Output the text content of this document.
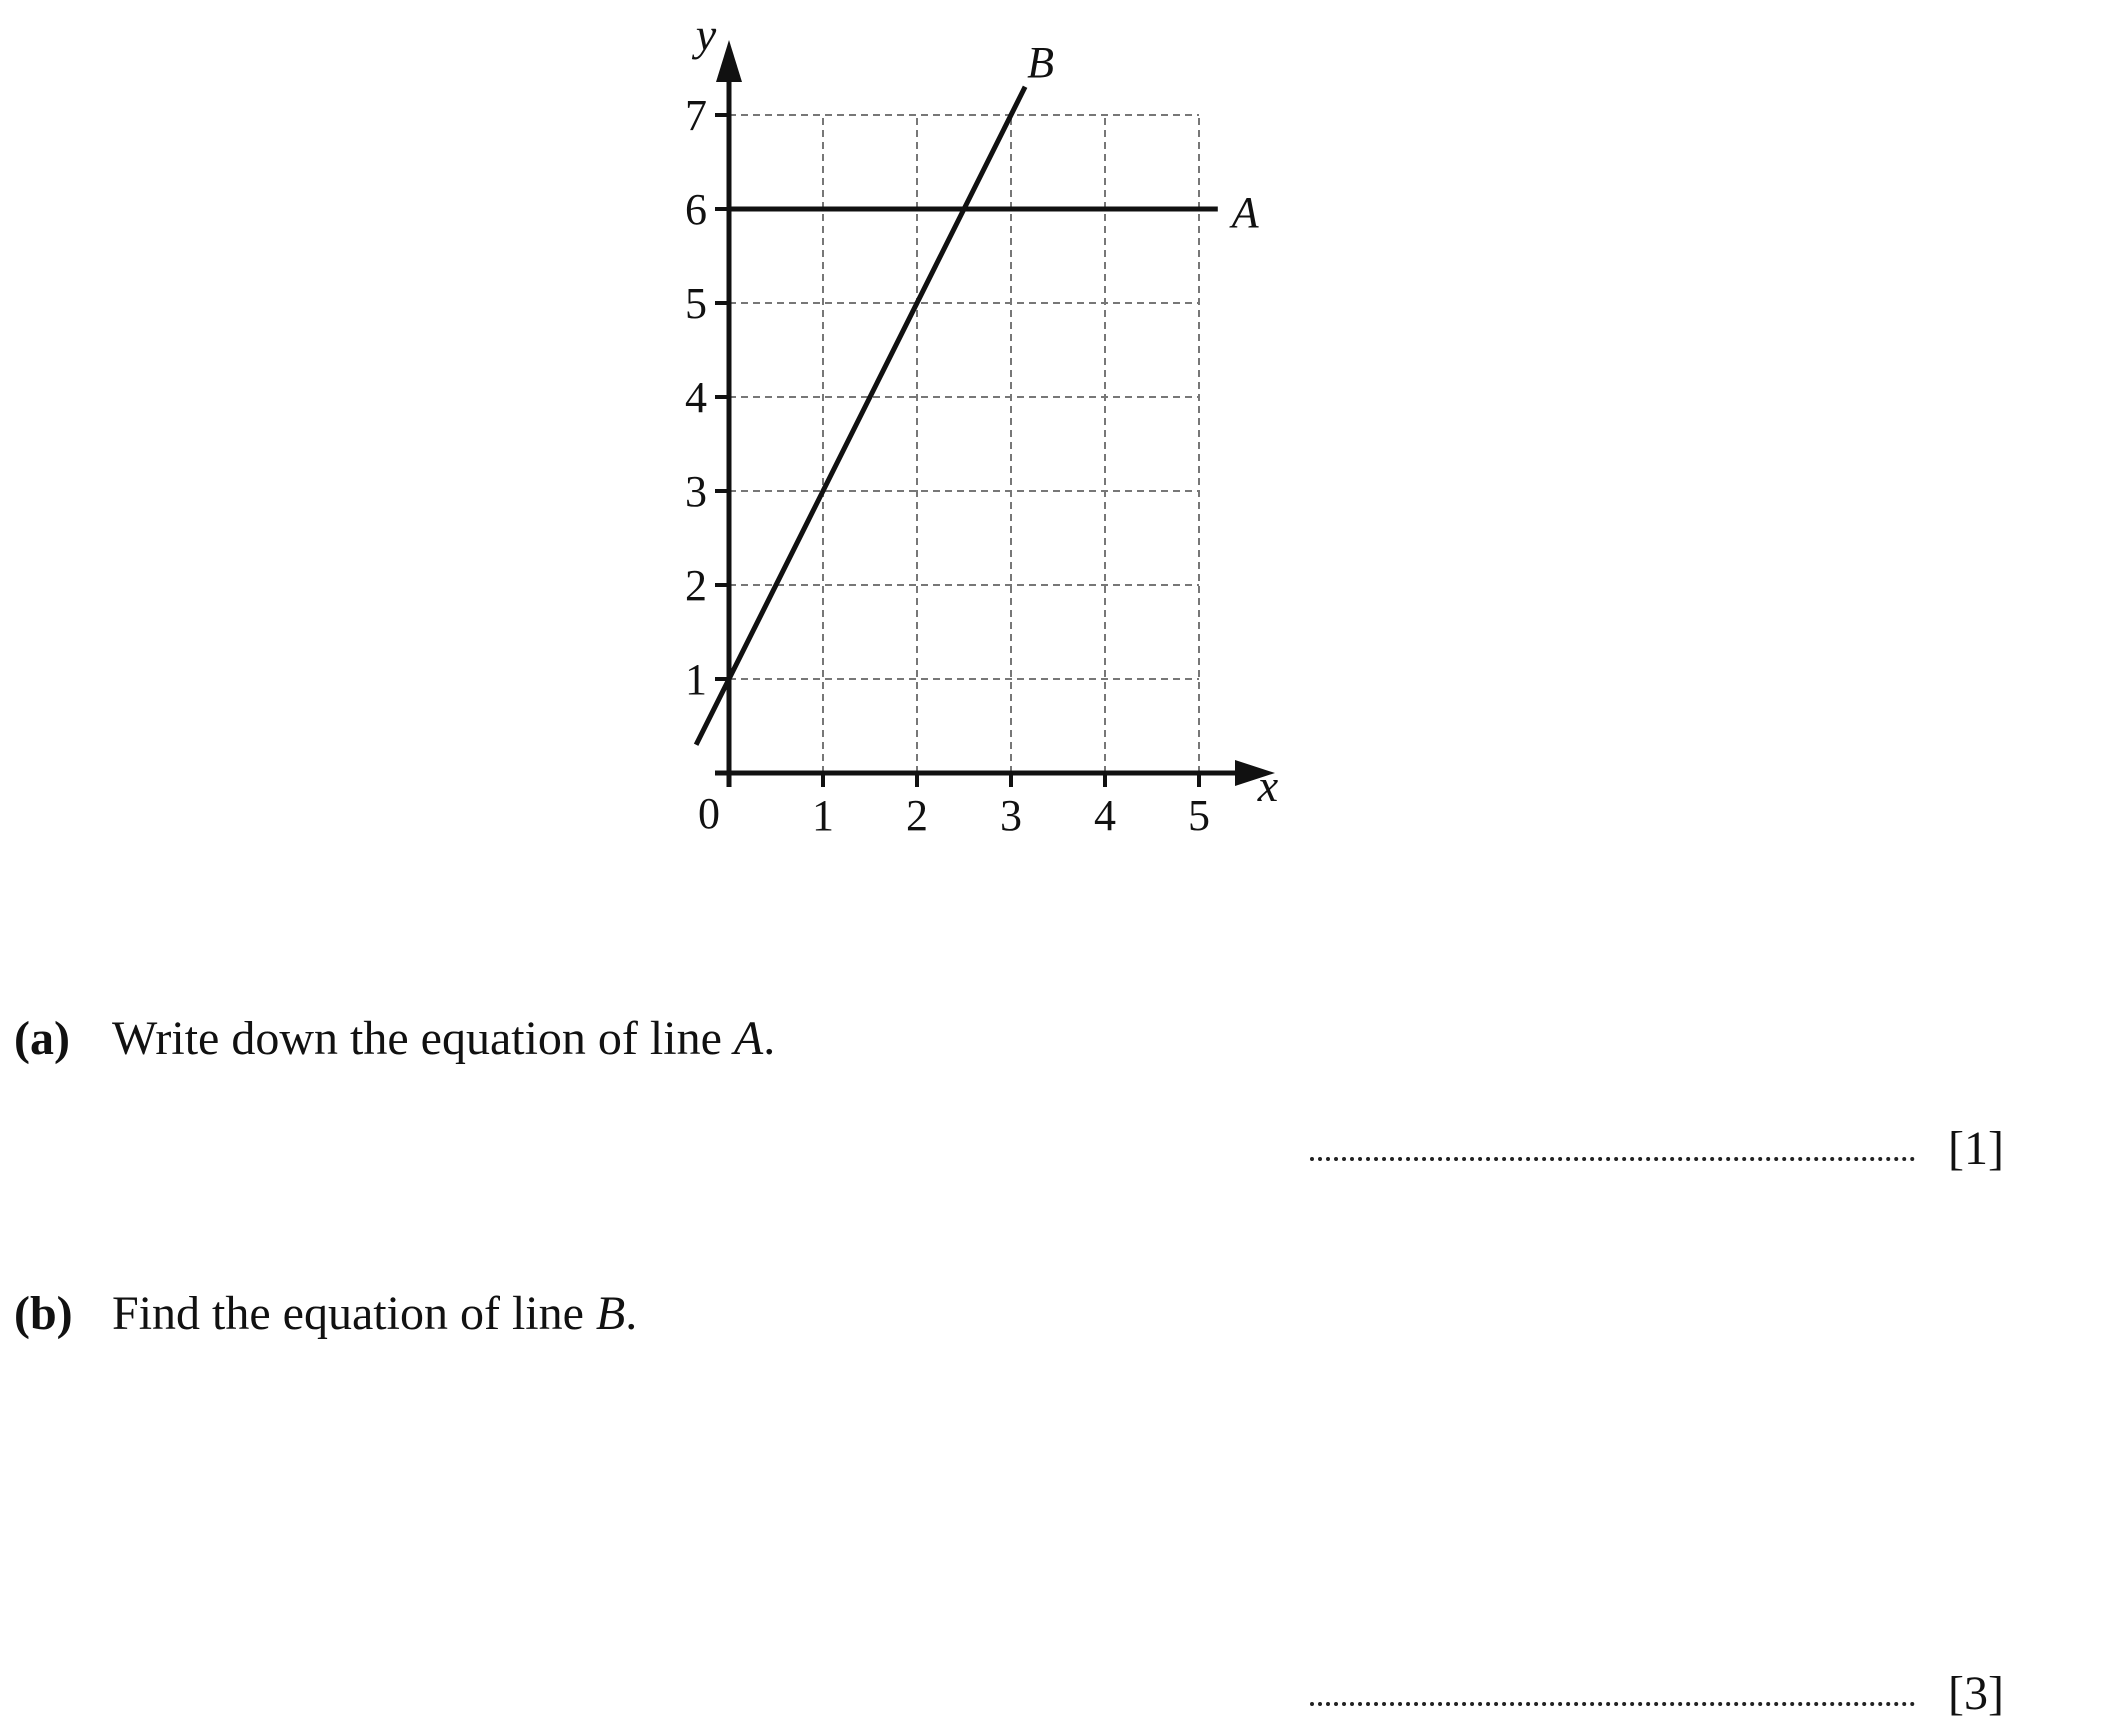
A
B
1 2 3 4 5
1
2
3
4
5
6
7
0
x
y
(a) Write down the equation of line A.
[1]
(b) Find the equation of line B.
[3]
